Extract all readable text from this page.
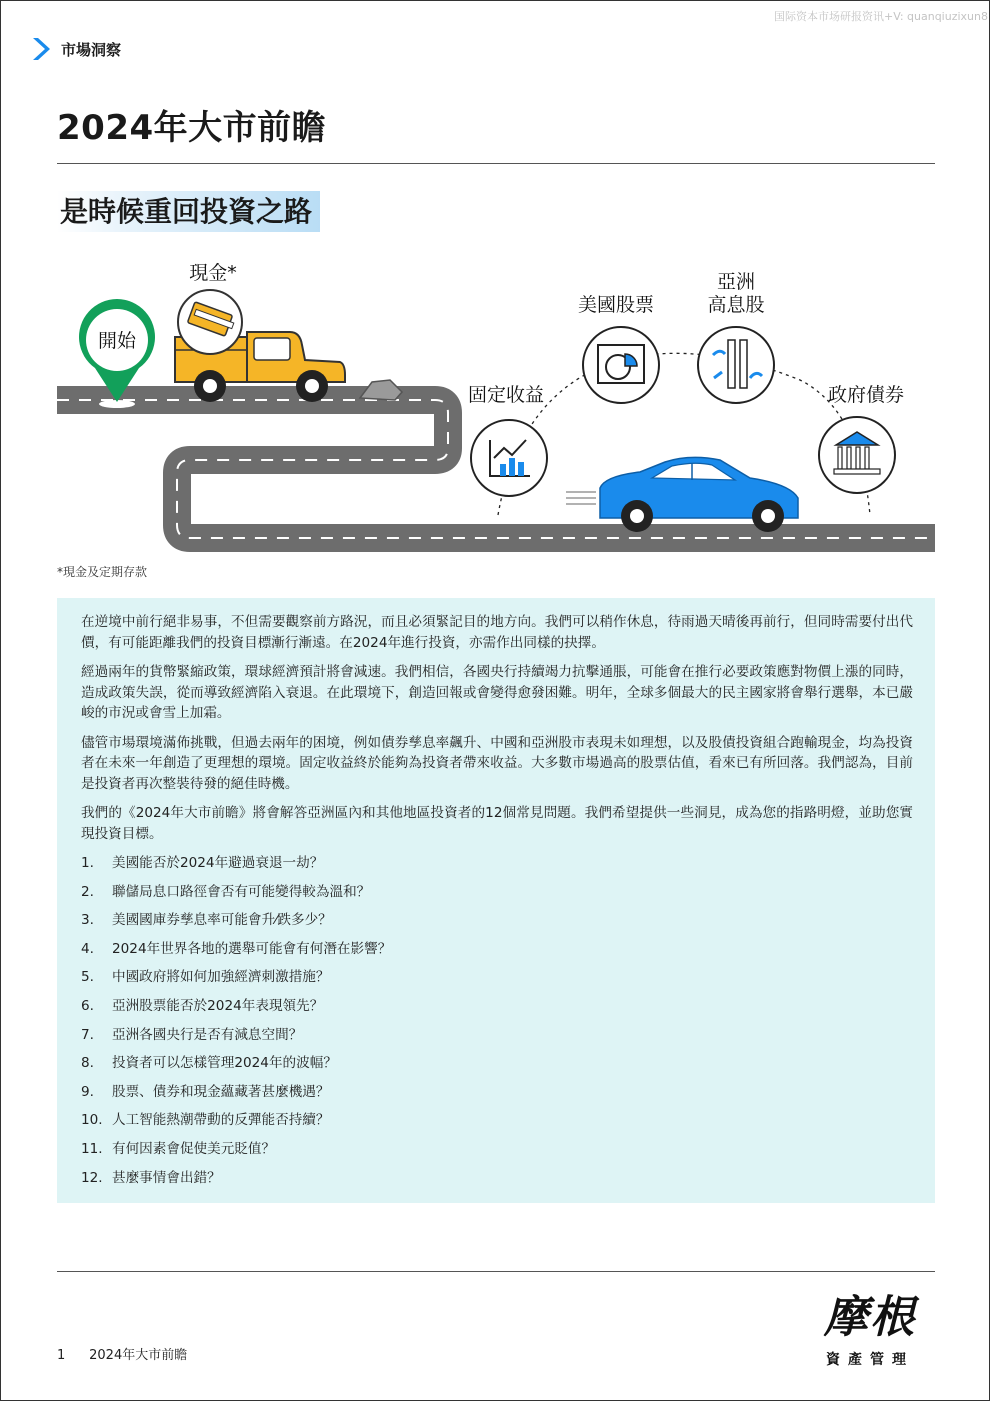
国际资本市场研报资讯+V: quanqiuzixun8
市場洞察
2024年大市前瞻
是時候重回投資之路
開始
現金*
固定收益
美國股票
亞洲
高息股
政府債券
*現金及定期存款

在逆境中前行絕非易事，不但需要觀察前方路況，而且必須緊記目的地方向。我們可以稍作休息，待雨過天晴後再前行，但同時需要付出代價，有可能距離我們的投資目標漸行漸遠。在2024年進行投資，亦需作出同樣的抉擇。

經過兩年的貨幣緊縮政策，環球經濟預計將會減速。我們相信，各國央行持續竭力抗擊通脹，可能會在推行必要政策應對物價上漲的同時，造成政策失誤，從而導致經濟陷入衰退。在此環境下，創造回報或會變得愈發困難。明年，全球多個最大的民主國家將會舉行選舉，本已嚴峻的市況或會雪上加霜。

儘管市場環境滿佈挑戰，但過去兩年的困境，例如債券孳息率飆升、中國和亞洲股市表現未如理想，以及股債投資組合跑輸現金，均為投資者在未來一年創造了更理想的環境。固定收益終於能夠為投資者帶來收益。大多數市場過高的股票估值，看來已有所回落。我們認為，目前是投資者再次整裝待發的絕佳時機。

我們的《2024年大市前瞻》將會解答亞洲區內和其他地區投資者的12個常見問題。我們希望提供一些洞見，成為您的指路明燈，並助您實現投資目標。

1.	美國能否於2024年避過衰退一劫？
2.	聯儲局息口路徑會否有可能變得較為溫和？
3.	美國國庫券孳息率可能會升⁄跌多少？
4.	2024年世界各地的選舉可能會有何潛在影響？
5.	中國政府將如何加強經濟刺激措施？
6.	亞洲股票能否於2024年表現領先？
7.	亞洲各國央行是否有減息空間？
8.	投資者可以怎樣管理2024年的波幅？
9.	股票、債券和現金蘊藏著甚麼機遇？
10. 人工智能熱潮帶動的反彈能否持續？
11. 有何因素會促使美元貶值？
12. 甚麼事情會出錯？
1 2024年大市前瞻
摩根
資產管理
